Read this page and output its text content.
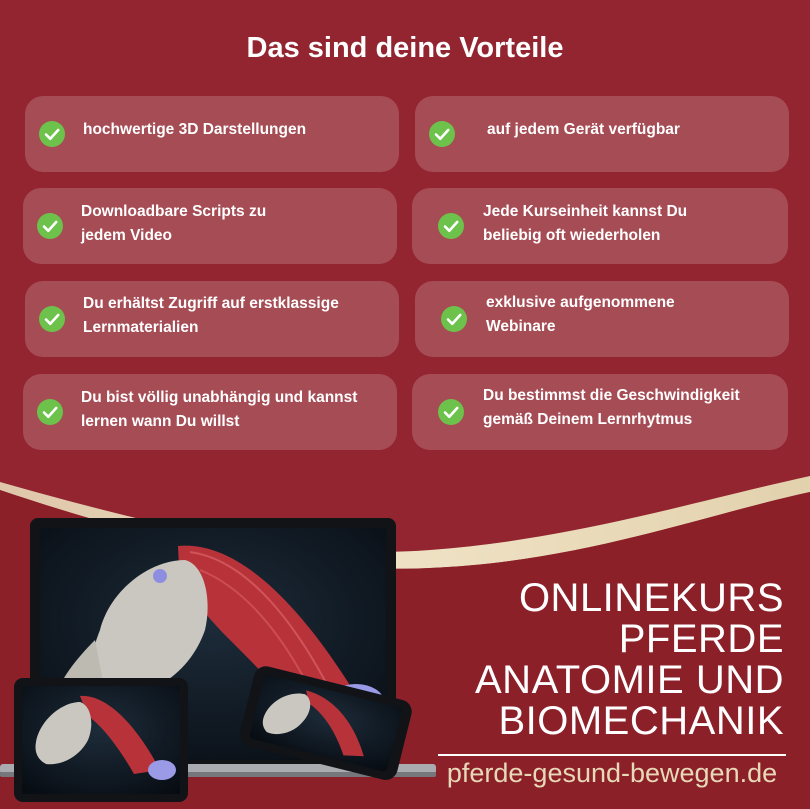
Das sind deine Vorteile
hochwertige 3D Darstellungen	auf jedem Gerät verfügbar
Downloadbare Scripts zu
jedem Video
Jede Kurseinheit kannst Du
beliebig oft wiederholen
Du erhältst Zugriff auf erstklassige
Lernmaterialien
exklusive aufgenommene
Webinare
Du bist völlig unabhängig und kannst
lernen wann Du willst
Du bestimmst die Geschwindigkeit
gemäß Deinem Lernrhytmus
ONLINEKURS
PFERDE
ANATOMIE UND
BIOMECHANIK
pferde-gesund-bewegen.de
